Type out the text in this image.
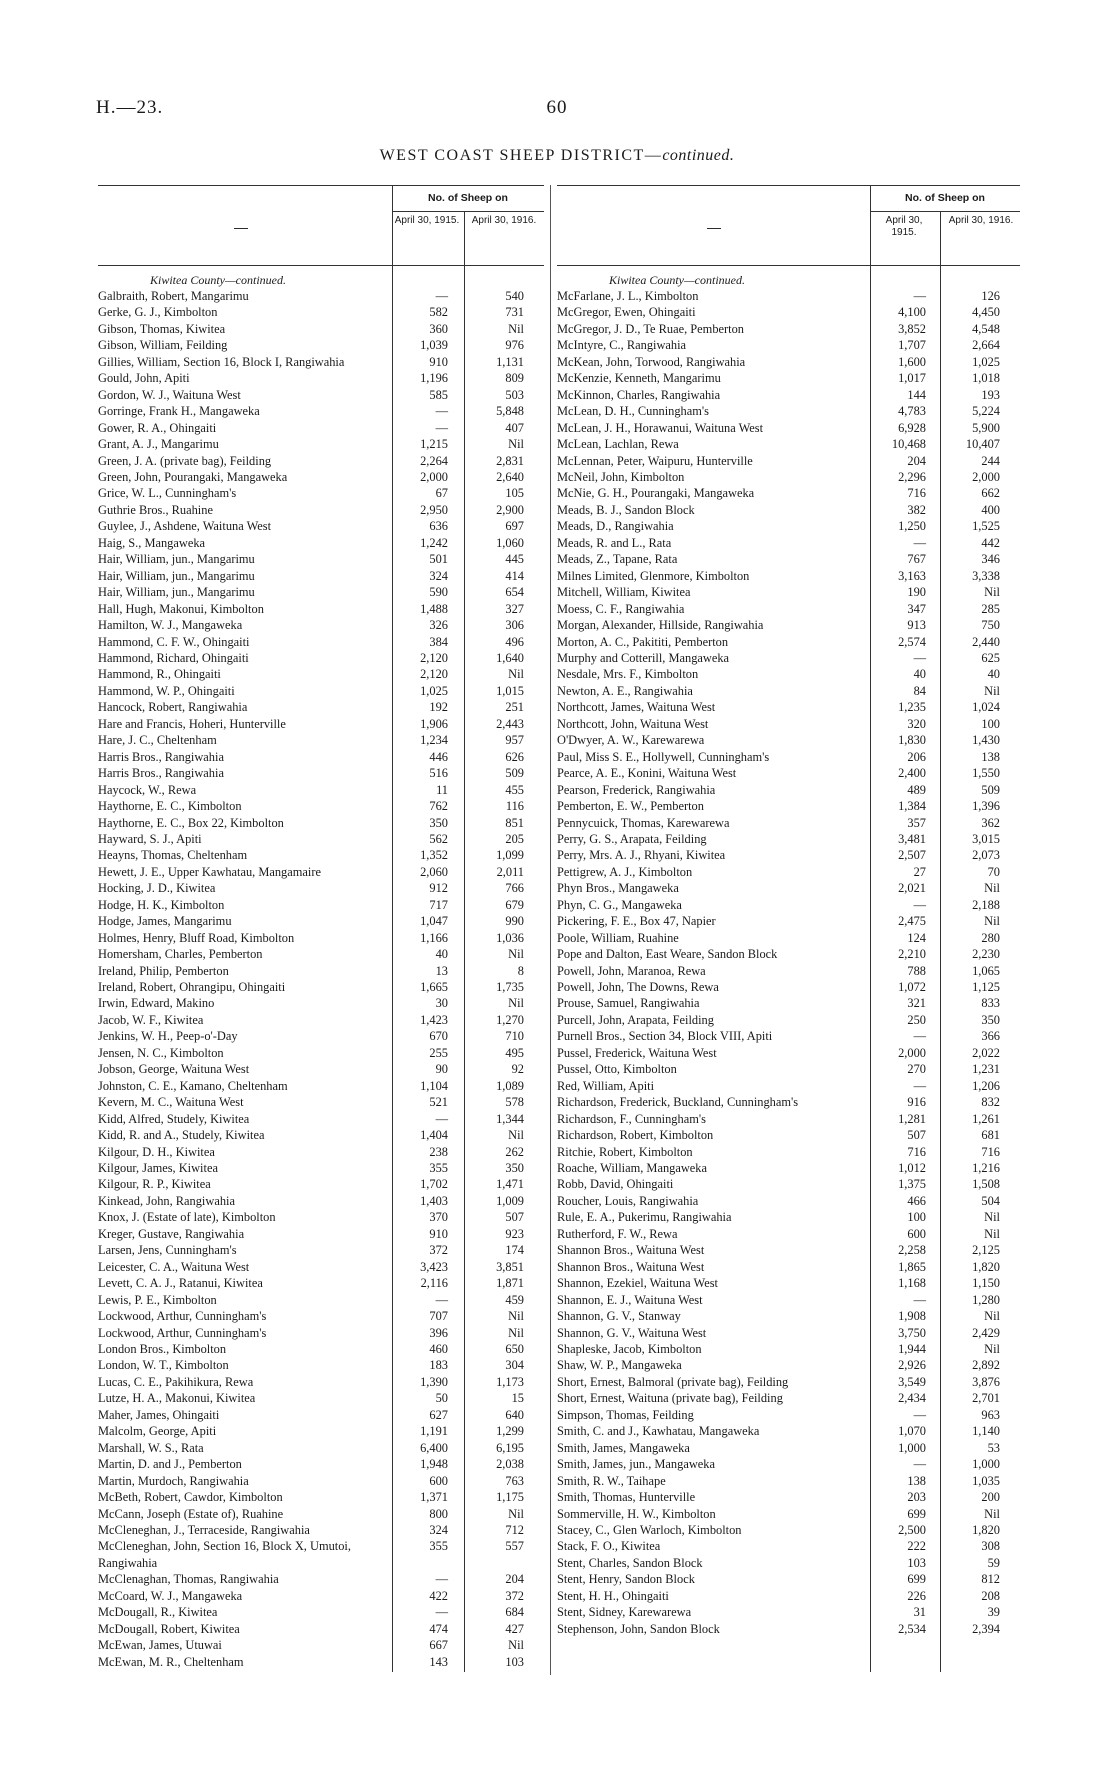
H.—23.	60
WEST COAST SHEEP DISTRICT—continued.
—
No. of Sheep on
April 30, 1915. April 30, 1916.
Kiwitea County—continued.
Galbraith, Robert, Mangarimu	—	540
Gerke, G. J., Kimbolton	582	731
Gibson, Thomas, Kiwitea	360	Nil
Gibson, William, Feilding	1,039	976
Gillies, William, Section 16, Block I, Rangiwahia	910	1,131
Gould, John, Apiti	1,196	809
Gordon, W. J., Waituna West	585	503
Gorringe, Frank H., Mangaweka	—	5,848
Gower, R. A., Ohingaiti	—	407
Grant, A. J., Mangarimu	1,215	Nil
Green, J. A. (private bag), Feilding	2,264	2,831
Green, John, Pourangaki, Mangaweka	2,000	2,640
Grice, W. L., Cunningham's	67	105
Guthrie Bros., Ruahine	2,950	2,900
Guylee, J., Ashdene, Waituna West	636	697
Haig, S., Mangaweka	1,242	1,060
Hair, William, jun., Mangarimu	501	445
Hair, William, jun., Mangarimu	324	414
Hair, William, jun., Mangarimu	590	654
Hall, Hugh, Makonui, Kimbolton	1,488	327
Hamilton, W. J., Mangaweka	326	306
Hammond, C. F. W., Ohingaiti	384	496
Hammond, Richard, Ohingaiti	2,120	1,640
Hammond, R., Ohingaiti	2,120	Nil
Hammond, W. P., Ohingaiti	1,025	1,015
Hancock, Robert, Rangiwahia	192	251
Hare and Francis, Hoheri, Hunterville	1,906	2,443
Hare, J. C., Cheltenham	1,234	957
Harris Bros., Rangiwahia	446	626
Harris Bros., Rangiwahia	516	509
Haycock, W., Rewa	11	455
Haythorne, E. C., Kimbolton	762	116
Haythorne, E. C., Box 22, Kimbolton	350	851
Hayward, S. J., Apiti	562	205
Heayns, Thomas, Cheltenham	1,352	1,099
Hewett, J. E., Upper Kawhatau, Mangamaire	2,060	2,011
Hocking, J. D., Kiwitea	912	766
Hodge, H. K., Kimbolton	717	679
Hodge, James, Mangarimu	1,047	990
Holmes, Henry, Bluff Road, Kimbolton	1,166	1,036
Homersham, Charles, Pemberton	40	Nil
Ireland, Philip, Pemberton	13	8
Ireland, Robert, Ohrangipu, Ohingaiti	1,665	1,735
Irwin, Edward, Makino	30	Nil
Jacob, W. F., Kiwitea	1,423	1,270
Jenkins, W. H., Peep-o'-Day	670	710
Jensen, N. C., Kimbolton	255	495
Jobson, George, Waituna West	90	92
Johnston, C. E., Kamano, Cheltenham	1,104	1,089
Kevern, M. C., Waituna West	521	578
Kidd, Alfred, Studely, Kiwitea	—	1,344
Kidd, R. and A., Studely, Kiwitea	1,404	Nil
Kilgour, D. H., Kiwitea	238	262
Kilgour, James, Kiwitea	355	350
Kilgour, R. P., Kiwitea	1,702	1,471
Kinkead, John, Rangiwahia	1,403	1,009
Knox, J. (Estate of late), Kimbolton	370	507
Kreger, Gustave, Rangiwahia	910	923
Larsen, Jens, Cunningham's	372	174
Leicester, C. A., Waituna West	3,423	3,851
Levett, C. A. J., Ratanui, Kiwitea	2,116	1,871
Lewis, P. E., Kimbolton	—	459
Lockwood, Arthur, Cunningham's	707	Nil
Lockwood, Arthur, Cunningham's	396	Nil
London Bros., Kimbolton	460	650
London, W. T., Kimbolton	183	304
Lucas, C. E., Pakihikura, Rewa	1,390	1,173
Lutze, H. A., Makonui, Kiwitea	50	15
Maher, James, Ohingaiti	627	640
Malcolm, George, Apiti	1,191	1,299
Marshall, W. S., Rata	6,400	6,195
Martin, D. and J., Pemberton	1,948	2,038
Martin, Murdoch, Rangiwahia	600	763
McBeth, Robert, Cawdor, Kimbolton	1,371	1,175
McCann, Joseph (Estate of), Ruahine	800	Nil
McCleneghan, J., Terraceside, Rangiwahia	324	712
McCleneghan, John, Section 16, Block X, Umutoi, Rangiwahia
355	557
McClenaghan, Thomas, Rangiwahia	—	204
McCoard, W. J., Mangaweka	422	372
McDougall, R., Kiwitea	—	684
McDougall, Robert, Kiwitea	474	427
McEwan, James, Utuwai	667	Nil
McEwan, M. R., Cheltenham	143	103
—
No. of Sheep on
April 30, 1915.
April 30, 1916.
Kiwitea County—continued.
McFarlane, J. L., Kimbolton	—	126
McGregor, Ewen, Ohingaiti	4,100	4,450
McGregor, J. D., Te Ruae, Pemberton	3,852	4,548
McIntyre, C., Rangiwahia	1,707	2,664
McKean, John, Torwood, Rangiwahia	1,600	1,025
McKenzie, Kenneth, Mangarimu	1,017	1,018
McKinnon, Charles, Rangiwahia	144	193
McLean, D. H., Cunningham's	4,783	5,224
McLean, J. H., Horawanui, Waituna West	6,928	5,900
McLean, Lachlan, Rewa	10,468	10,407
McLennan, Peter, Waipuru, Hunterville	204	244
McNeil, John, Kimbolton	2,296	2,000
McNie, G. H., Pourangaki, Mangaweka	716	662
Meads, B. J., Sandon Block	382	400
Meads, D., Rangiwahia	1,250	1,525
Meads, R. and L., Rata	—	442
Meads, Z., Tapane, Rata	767	346
Milnes Limited, Glenmore, Kimbolton	3,163	3,338
Mitchell, William, Kiwitea	190	Nil
Moess, C. F., Rangiwahia	347	285
Morgan, Alexander, Hillside, Rangiwahia	913	750
Morton, A. C., Pakititi, Pemberton	2,574	2,440
Murphy and Cotterill, Mangaweka	—	625
Nesdale, Mrs. F., Kimbolton	40	40
Newton, A. E., Rangiwahia	84	Nil
Northcott, James, Waituna West	1,235	1,024
Northcott, John, Waituna West	320	100
O'Dwyer, A. W., Karewarewa	1,830	1,430
Paul, Miss S. E., Hollywell, Cunningham's	206	138
Pearce, A. E., Konini, Waituna West	2,400	1,550
Pearson, Frederick, Rangiwahia	489	509
Pemberton, E. W., Pemberton	1,384	1,396
Pennycuick, Thomas, Karewarewa	357	362
Perry, G. S., Arapata, Feilding	3,481	3,015
Perry, Mrs. A. J., Rhyani, Kiwitea	2,507	2,073
Pettigrew, A. J., Kimbolton	27	70
Phyn Bros., Mangaweka	2,021	Nil
Phyn, C. G., Mangaweka	—	2,188
Pickering, F. E., Box 47, Napier	2,475	Nil
Poole, William, Ruahine	124	280
Pope and Dalton, East Weare, Sandon Block	2,210	2,230
Powell, John, Maranoa, Rewa	788	1,065
Powell, John, The Downs, Rewa	1,072	1,125
Prouse, Samuel, Rangiwahia	321	833
Purcell, John, Arapata, Feilding	250	350
Purnell Bros., Section 34, Block VIII, Apiti	—	366
Pussel, Frederick, Waituna West	2,000	2,022
Pussel, Otto, Kimbolton	270	1,231
Red, William, Apiti	—	1,206
Richardson, Frederick, Buckland, Cunningham's	916	832
Richardson, F., Cunningham's	1,281	1,261
Richardson, Robert, Kimbolton	507	681
Ritchie, Robert, Kimbolton	716	716
Roache, William, Mangaweka	1,012	1,216
Robb, David, Ohingaiti	1,375	1,508
Roucher, Louis, Rangiwahia	466	504
Rule, E. A., Pukerimu, Rangiwahia	100	Nil
Rutherford, F. W., Rewa	600	Nil
Shannon Bros., Waituna West	2,258	2,125
Shannon Bros., Waituna West	1,865	1,820
Shannon, Ezekiel, Waituna West	1,168	1,150
Shannon, E. J., Waituna West	—	1,280
Shannon, G. V., Stanway	1,908	Nil
Shannon, G. V., Waituna West	3,750	2,429
Shapleske, Jacob, Kimbolton	1,944	Nil
Shaw, W. P., Mangaweka	2,926	2,892
Short, Ernest, Balmoral (private bag), Feilding	3,549	3,876
Short, Ernest, Waituna (private bag), Feilding	2,434	2,701
Simpson, Thomas, Feilding	—	963
Smith, C. and J., Kawhatau, Mangaweka	1,070	1,140
Smith, James, Mangaweka	1,000	53
Smith, James, jun., Mangaweka	—	1,000
Smith, R. W., Taihape	138	1,035
Smith, Thomas, Hunterville	203	200
Sommerville, H. W., Kimbolton	699	Nil
Stacey, C., Glen Warloch, Kimbolton	2,500	1,820
Stack, F. O., Kiwitea	222	308
Stent, Charles, Sandon Block	103	59
Stent, Henry, Sandon Block	699	812
Stent, H. H., Ohingaiti	226	208
Stent, Sidney, Karewarewa	31	39
Stephenson, John, Sandon Block	2,534	2,394
